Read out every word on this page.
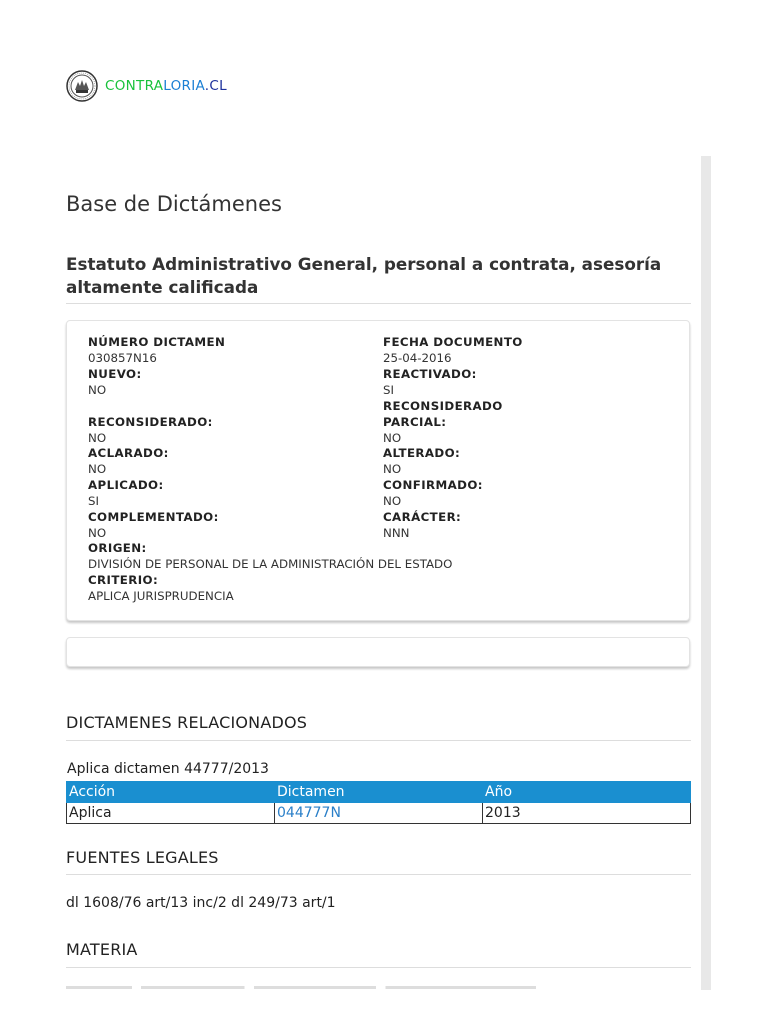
CONTRALORIA.CL
Base de Dictámenes
Estatuto Administrativo General, personal a contrata, asesoría altamente calificada
NÚMERO DICTAMEN
030857N16
NUEVO:
NO
RECONSIDERADO:
NO
ACLARADO:
NO
APLICADO:
SI
COMPLEMENTADO:
NO
ORIGEN:
DIVISIÓN DE PERSONAL DE LA ADMINISTRACIÓN DEL ESTADO
CRITERIO:
APLICA JURISPRUDENCIA
FECHA DOCUMENTO
25-04-2016
REACTIVADO:
SI
RECONSIDERADO
PARCIAL:
NO
ALTERADO:
NO
CONFIRMADO:
NO
CARÁCTER:
NNN
DICTAMENES RELACIONADOS
Aplica dictamen 44777/2013
Acción	Dictamen	Año
Aplica	044777N	2013
FUENTES LEGALES
dl 1608/76 art/13 inc/2 dl 249/73 art/1
MATERIA
